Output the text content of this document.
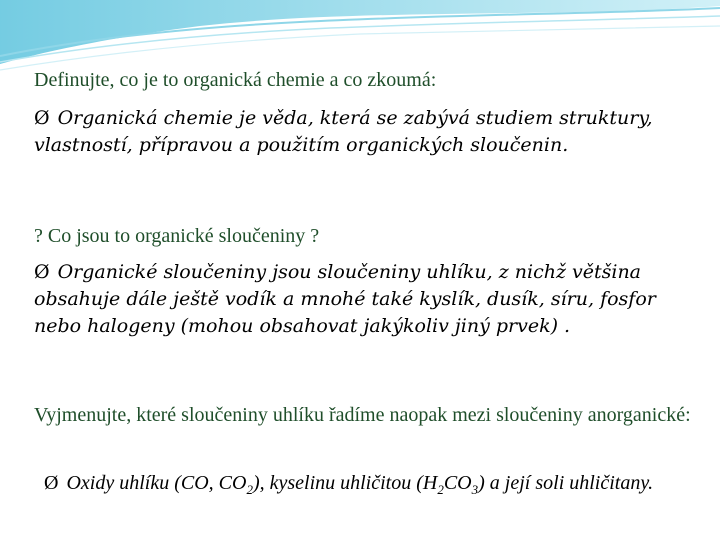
Definujte, co je to organická chemie a co zkoumá:

Ø Organická chemie je věda, která se zabývá studiem struktury, vlastností, přípravou a použitím organických sloučenin.

? Co jsou to organické sloučeniny ?

Ø Organické sloučeniny jsou sloučeniny uhlíku, z nichž většina obsahuje dále ještě vodík a mnohé také kyslík, dusík, síru, fosfor nebo halogeny (mohou obsahovat jakýkoliv jiný prvek) .

Vyjmenujte, které sloučeniny uhlíku řadíme naopak mezi sloučeniny anorganické:

Ø Oxidy uhlíku (CO, $CO_2$), kyselinu uhličitou $(H_2CO_3)$ a její soli uhličitany.
